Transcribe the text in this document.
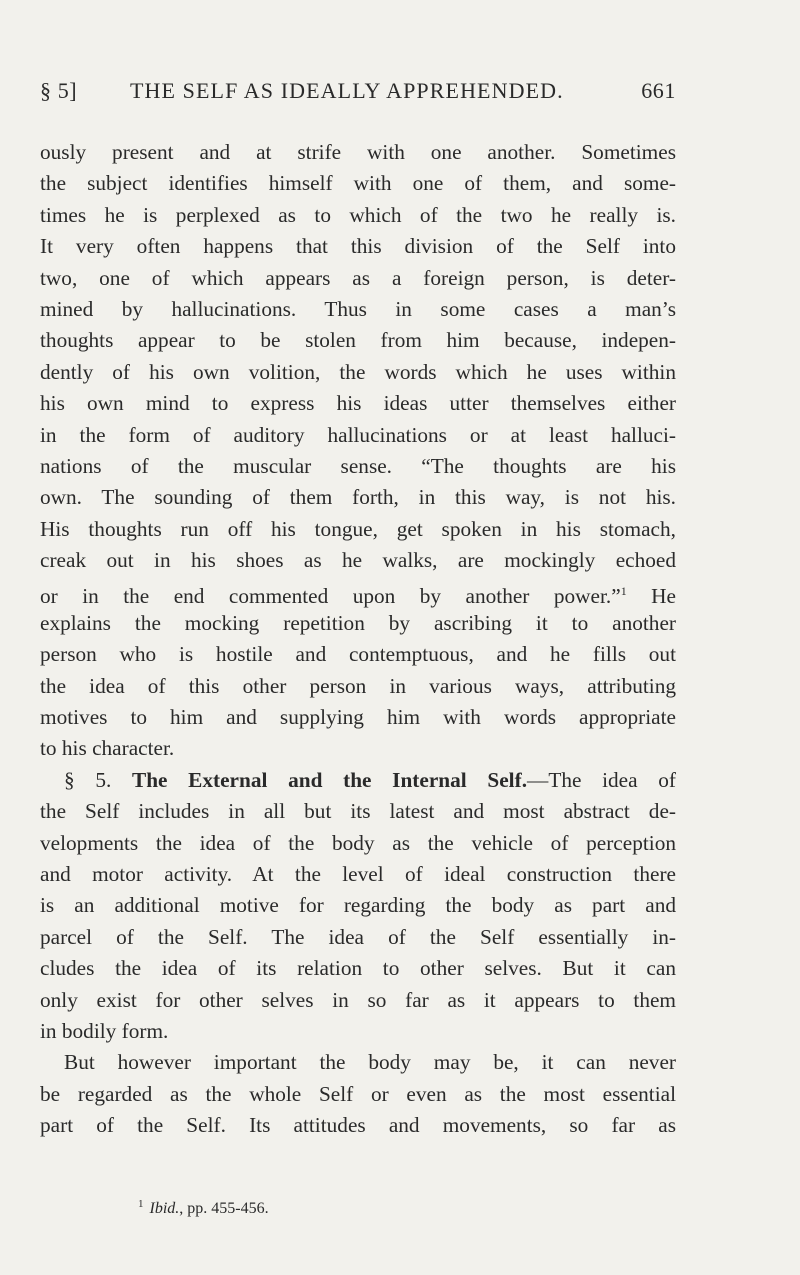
§ 5] THE SELF AS IDEALLY APPREHENDED.	661
ously present and at strife with one another. Sometimes
the subject identifies himself with one of them, and some-
times he is perplexed as to which of the two he really is.
It very often happens that this division of the Self into
two, one of which appears as a foreign person, is deter-
mined by hallucinations. Thus in some cases a man’s
thoughts appear to be stolen from him because, indepen-
dently of his own volition, the words which he uses within
his own mind to express his ideas utter themselves either
in the form of auditory hallucinations or at least halluci-
nations of the muscular sense. “The thoughts are his
own. The sounding of them forth, in this way, is not his.
His thoughts run off his tongue, get spoken in his stomach,
creak out in his shoes as he walks, are mockingly echoed
or in the end commented upon by another power.”$^1$ He
explains the mocking repetition by ascribing it to another
person who is hostile and contemptuous, and he fills out
the idea of this other person in various ways, attributing
motives to him and supplying him with words appropriate
to his character.
§ 5. The External and the Internal Self.—The idea of
the Self includes in all but its latest and most abstract de-
velopments the idea of the body as the vehicle of perception
and motor activity. At the level of ideal construction there
is an additional motive for regarding the body as part and
parcel of the Self. The idea of the Self essentially in-
cludes the idea of its relation to other selves. But it can
only exist for other selves in so far as it appears to them
in bodily form.
But however important the body may be, it can never
be regarded as the whole Self or even as the most essential
part of the Self. Its attitudes and movements, so far as
$^1$ Ibid., pp. 455-456.
